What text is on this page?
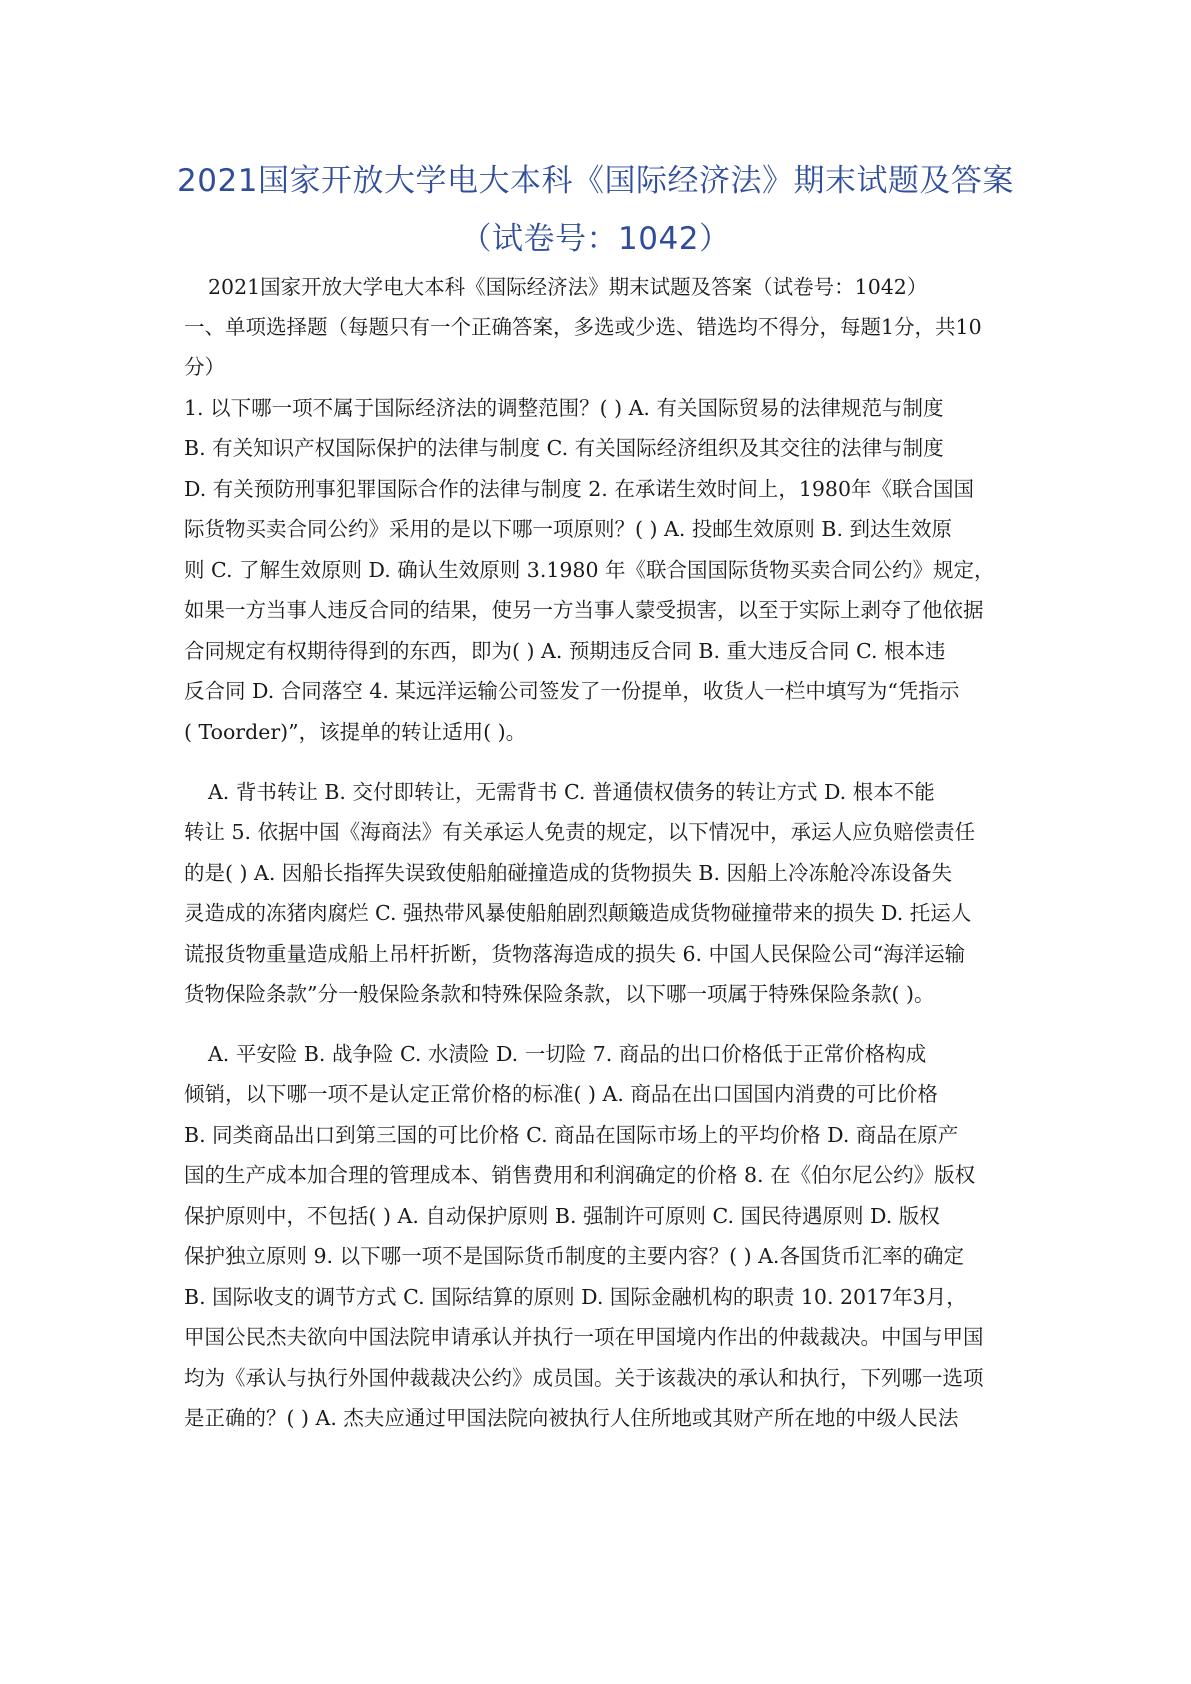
2021国家开放大学电大本科《国际经济法》期末试题及答案
（试卷号：1042）
2021国家开放大学电大本科《国际经济法》期末试题及答案（试卷号：1042）
一、单项选择题（每题只有一个正确答案，多选或少选、错选均不得分，每题1分，共10
分）
1. 以下哪一项不属于国际经济法的调整范围？( ) A. 有关国际贸易的法律规范与制度
B. 有关知识产权国际保护的法律与制度 C. 有关国际经济组织及其交往的法律与制度
D. 有关预防刑事犯罪国际合作的法律与制度 2. 在承诺生效时间上，1980年《联合国国
际货物买卖合同公约》采用的是以下哪一项原则？( ) A. 投邮生效原则 B. 到达生效原
则 C. 了解生效原则 D. 确认生效原则 3.1980 年《联合国国际货物买卖合同公约》规定，
如果一方当事人违反合同的结果，使另一方当事人蒙受损害，以至于实际上剥夺了他依据
合同规定有权期待得到的东西，即为( ) A. 预期违反合同 B. 重大违反合同 C. 根本违
反合同 D. 合同落空 4. 某远洋运输公司签发了一份提单，收货人一栏中填写为“凭指示
( Toorder)”，该提单的转让适用( )。
A. 背书转让 B. 交付即转让，无需背书 C. 普通债权债务的转让方式 D. 根本不能
转让 5. 依据中国《海商法》有关承运人免责的规定，以下情况中，承运人应负赔偿责任
的是( ) A. 因船长指挥失误致使船舶碰撞造成的货物损失 B. 因船上冷冻舱冷冻设备失
灵造成的冻猪肉腐烂 C. 强热带风暴使船舶剧烈颠簸造成货物碰撞带来的损失 D. 托运人
谎报货物重量造成船上吊杆折断，货物落海造成的损失 6. 中国人民保险公司“海洋运输
货物保险条款”分一般保险条款和特殊保险条款，以下哪一项属于特殊保险条款( )。
A. 平安险 B. 战争险 C. 水渍险 D. 一切险 7. 商品的出口价格低于正常价格构成
倾销，以下哪一项不是认定正常价格的标准( ) A. 商品在出口国国内消费的可比价格
B. 同类商品出口到第三国的可比价格 C. 商品在国际市场上的平均价格 D. 商品在原产
国的生产成本加合理的管理成本、销售费用和利润确定的价格 8. 在《伯尔尼公约》版权
保护原则中，不包括( ) A. 自动保护原则 B. 强制许可原则 C. 国民待遇原则 D. 版权
保护独立原则 9. 以下哪一项不是国际货币制度的主要内容？( ) A.各国货币汇率的确定
B. 国际收支的调节方式 C. 国际结算的原则 D. 国际金融机构的职责 10. 2017年3月，
甲国公民杰夫欲向中国法院申请承认并执行一项在甲国境内作出的仲裁裁决。中国与甲国
均为《承认与执行外国仲裁裁决公约》成员国。关于该裁决的承认和执行，下列哪一选项
是正确的？( ) A. 杰夫应通过甲国法院向被执行人住所地或其财产所在地的中级人民法
